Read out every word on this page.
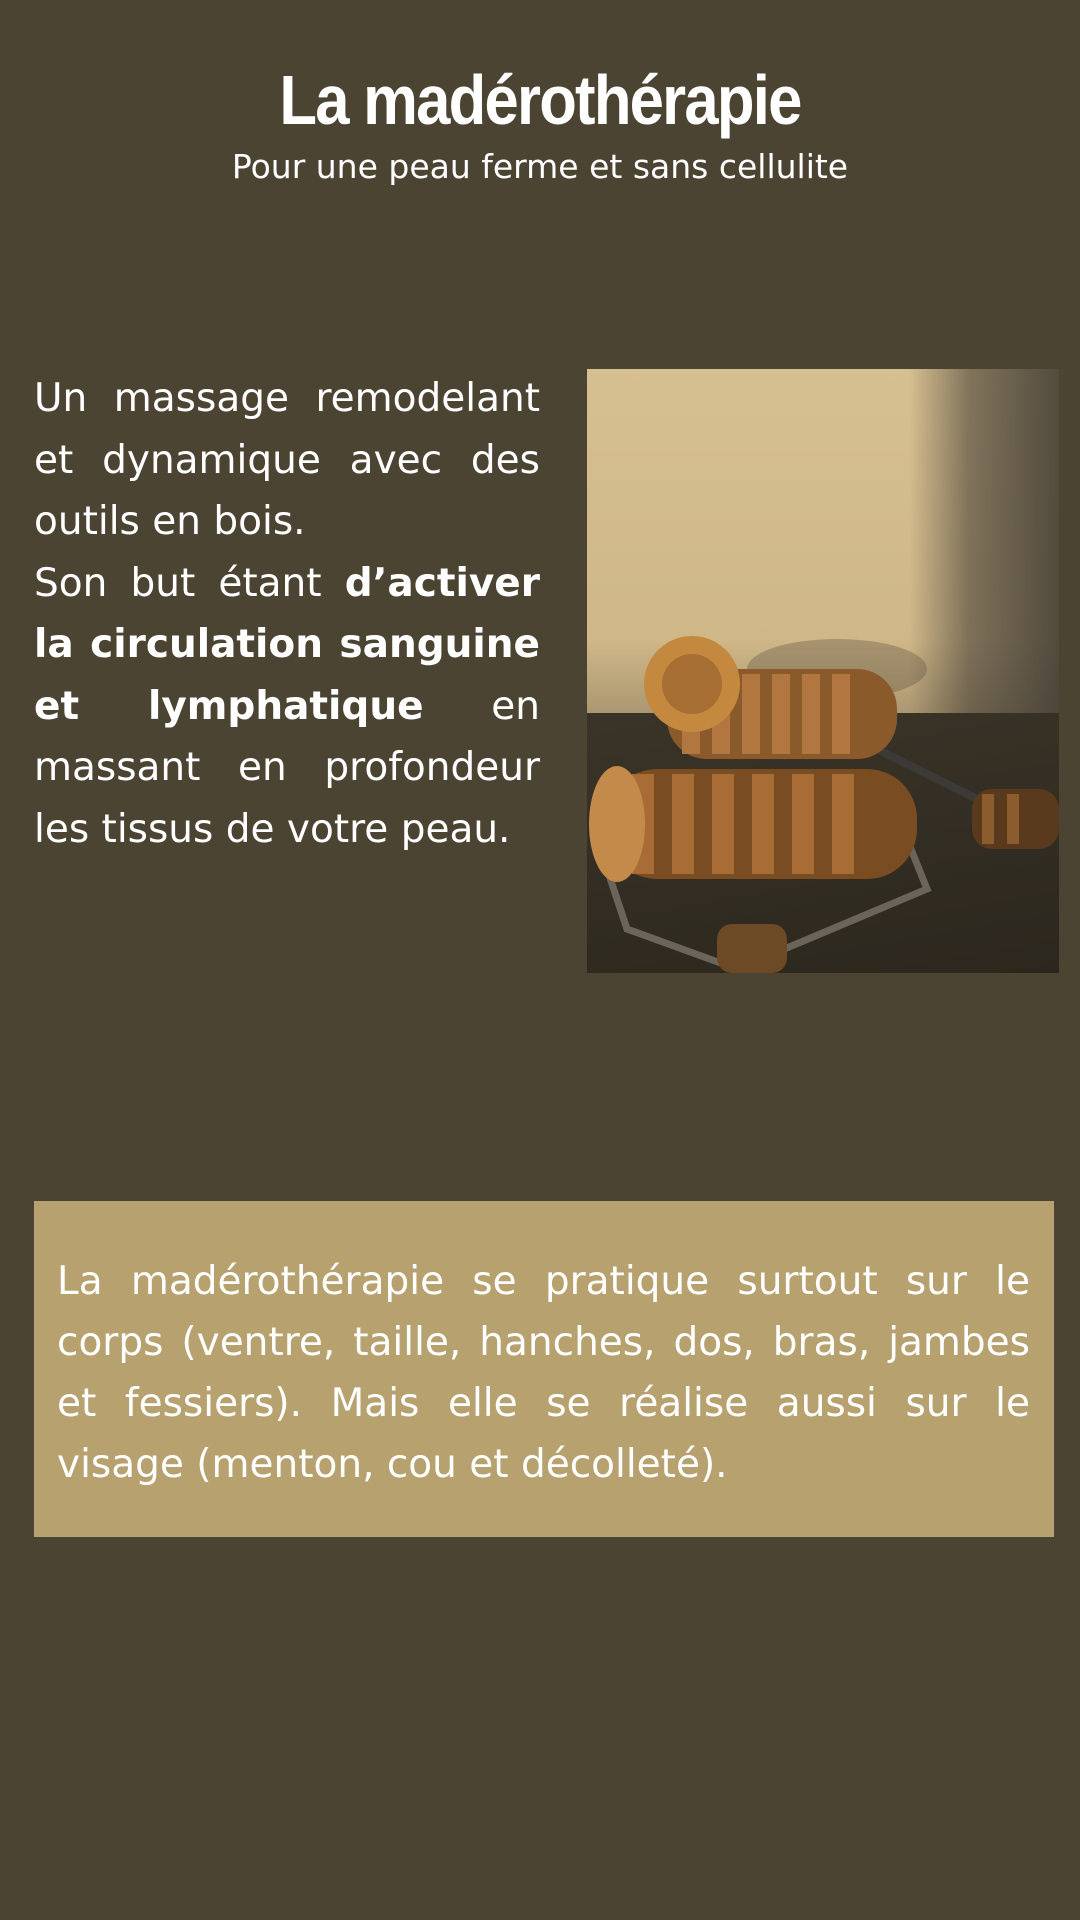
La madérothérapie
Pour une peau ferme et sans cellulite

Un massage remodelant et dynamique avec des outils en bois.

Son but étant d’activer la circulation sanguine et lymphatique en massant en profondeur les tissus de votre peau.

La madérothérapie se pratique surtout sur le corps (ventre, taille, hanches, dos, bras, jambes et fessiers). Mais elle se réalise aussi sur le visage (menton, cou et décolleté).
